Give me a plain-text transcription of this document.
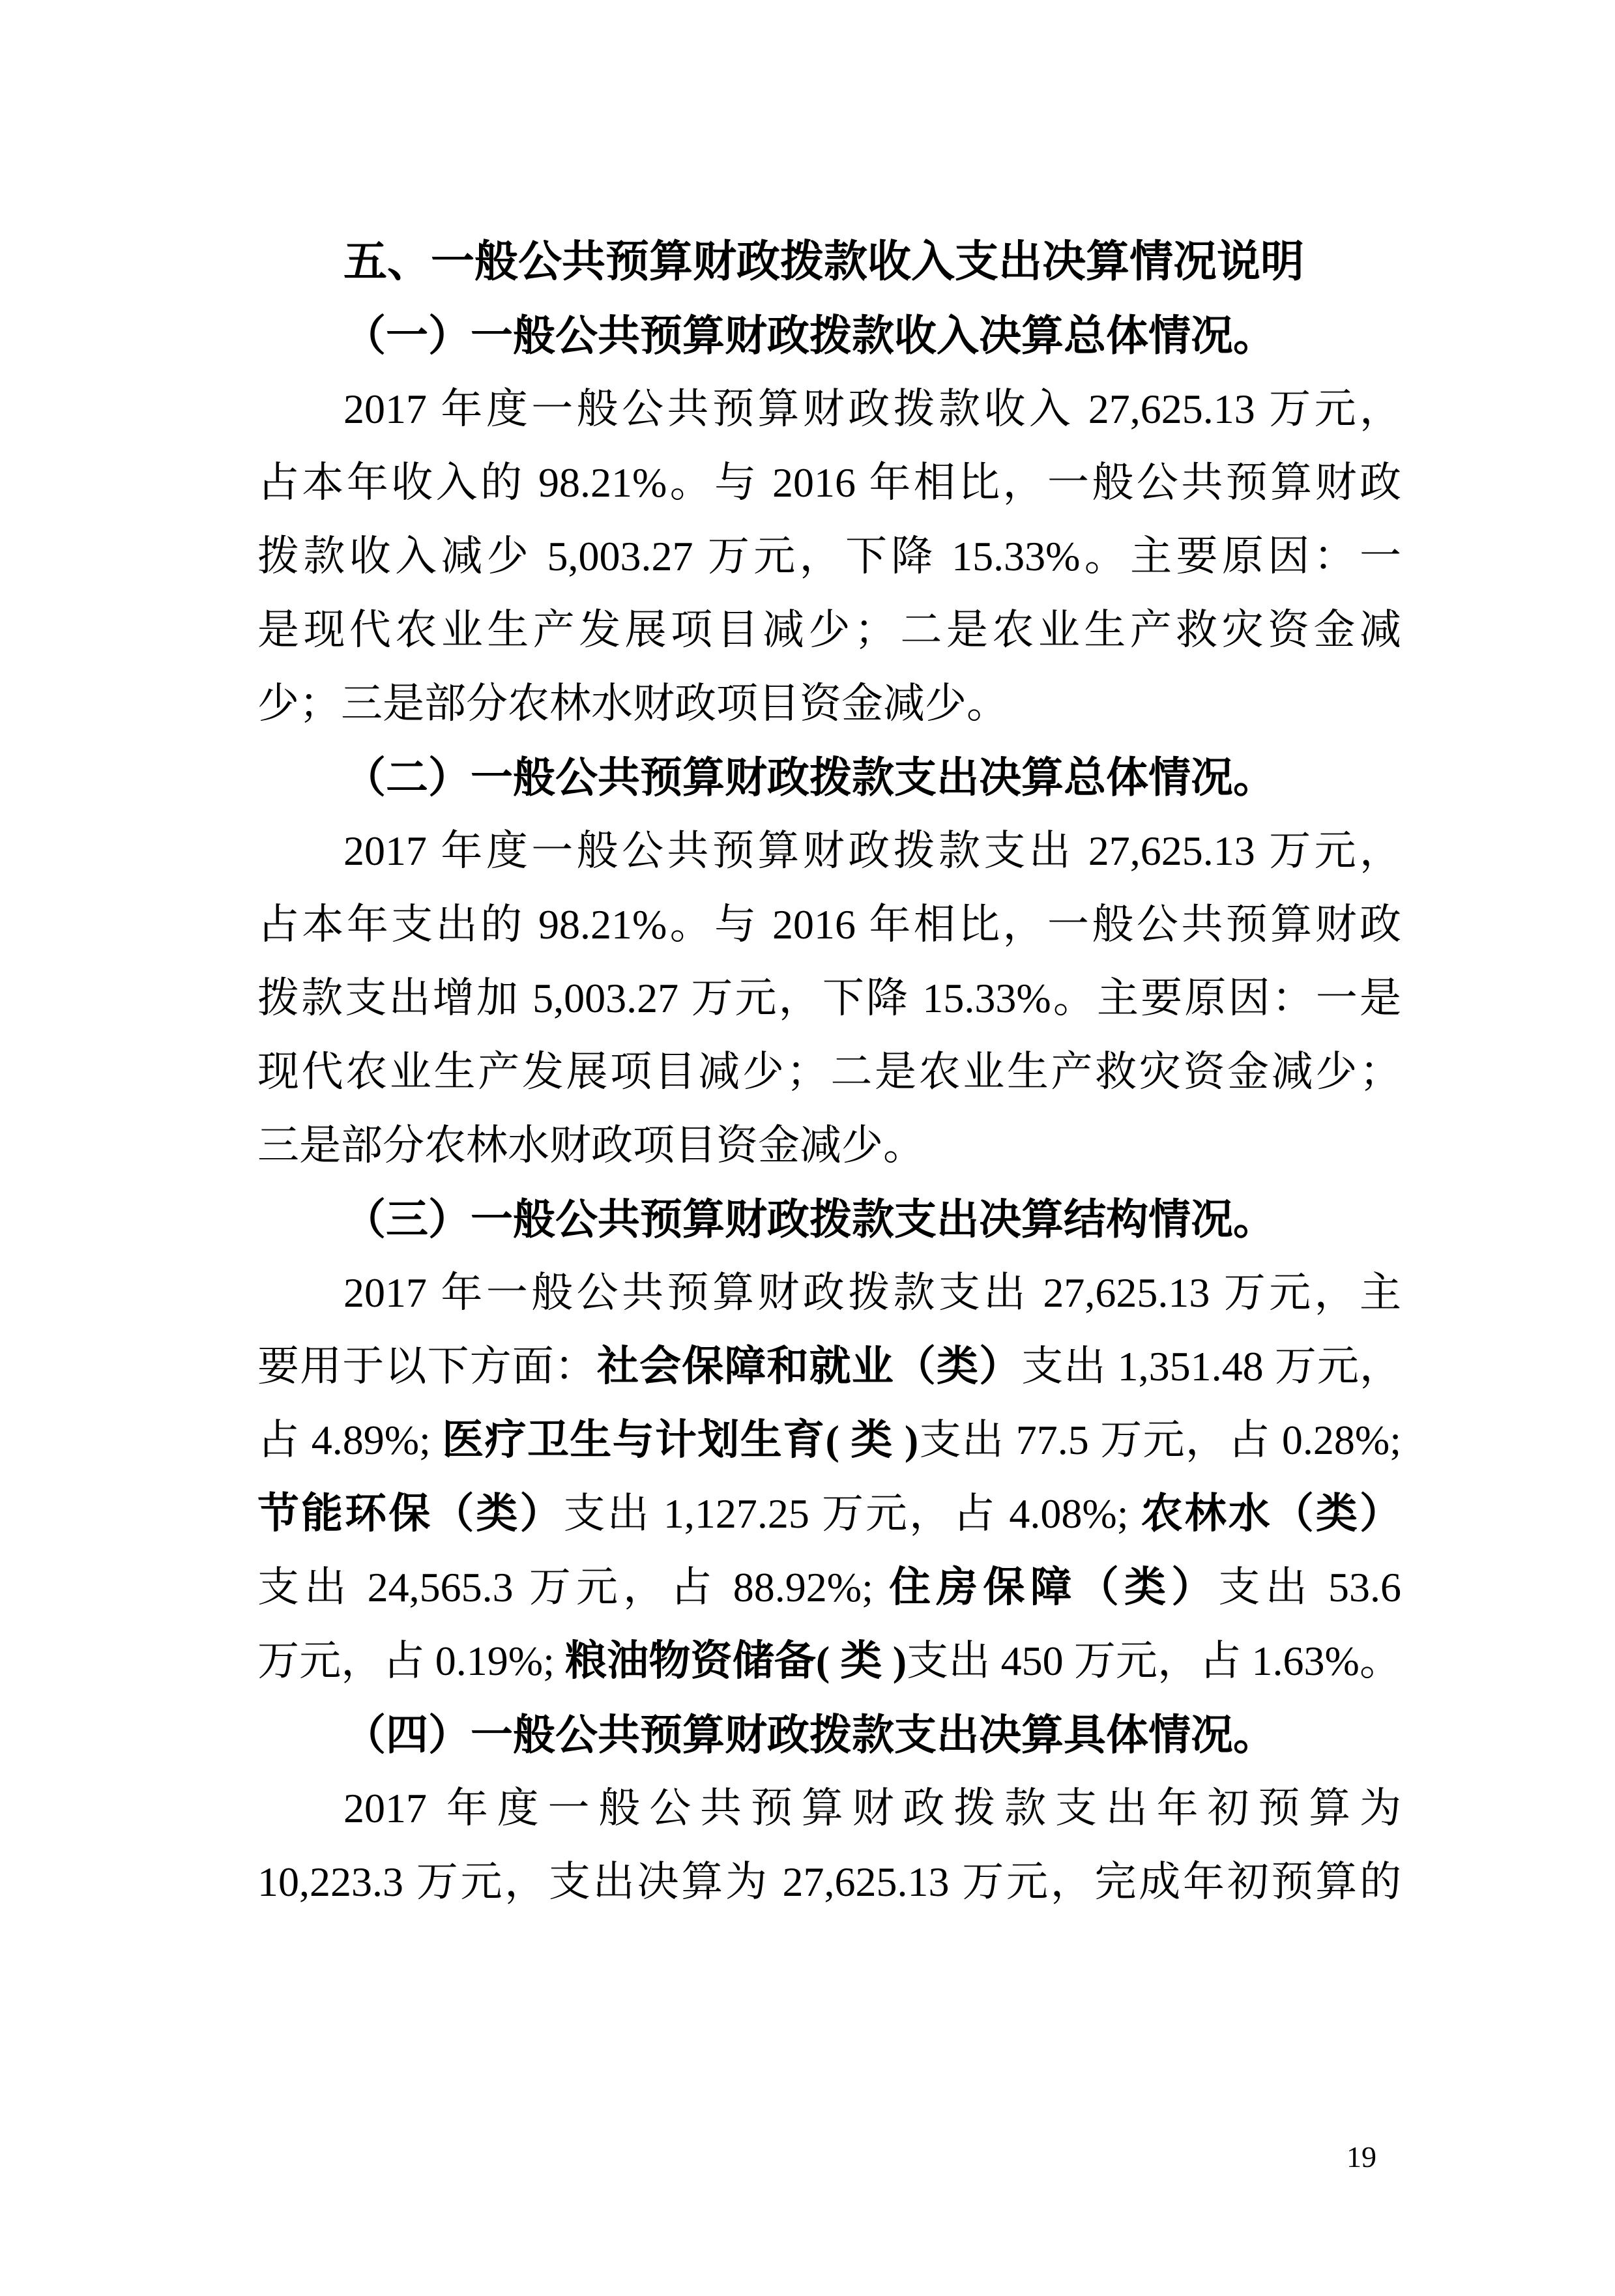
五、一般公共预算财政拨款收入支出决算情况说明
（一）一般公共预算财政拨款收入决算总体情况。
2017 年度一般公共预算财政拨款收入 27,625.13 万元，
占本年收入的 98.21%。与 2016 年相比，一般公共预算财政
拨款收入减少 5,003.27 万元，下降 15.33%。主要原因：一
是现代农业生产发展项目减少；二是农业生产救灾资金减
少；三是部分农林水财政项目资金减少。
（二）一般公共预算财政拨款支出决算总体情况。
2017 年度一般公共预算财政拨款支出 27,625.13 万元，
占本年支出的 98.21%。与 2016 年相比，一般公共预算财政
拨款支出增加 5,003.27 万元，下降 15.33%。主要原因：一是
现代农业生产发展项目减少；二是农业生产救灾资金减少；
三是部分农林水财政项目资金减少。
（三）一般公共预算财政拨款支出决算结构情况。
2017 年一般公共预算财政拨款支出 27,625.13 万元，主
要用于以下方面：社会保障和就业（类）支出 1,351.48 万元，
占 4.89%; 医疗卫生与计划生育( 类 )支出 77.5 万元，占 0.28%;
节能环保（类）支出 1,127.25 万元，占 4.08%; 农林水（类）
支出 24,565.3 万元，占 88.92%; 住房保障（类）支出 53.6
万元，占 0.19%; 粮油物资储备( 类 )支出 450 万元，占 1.63%。
（四）一般公共预算财政拨款支出决算具体情况。
2017 年度一般公共预算财政拨款支出年初预算为
10,223.3 万元，支出决算为 27,625.13 万元，完成年初预算的
19
